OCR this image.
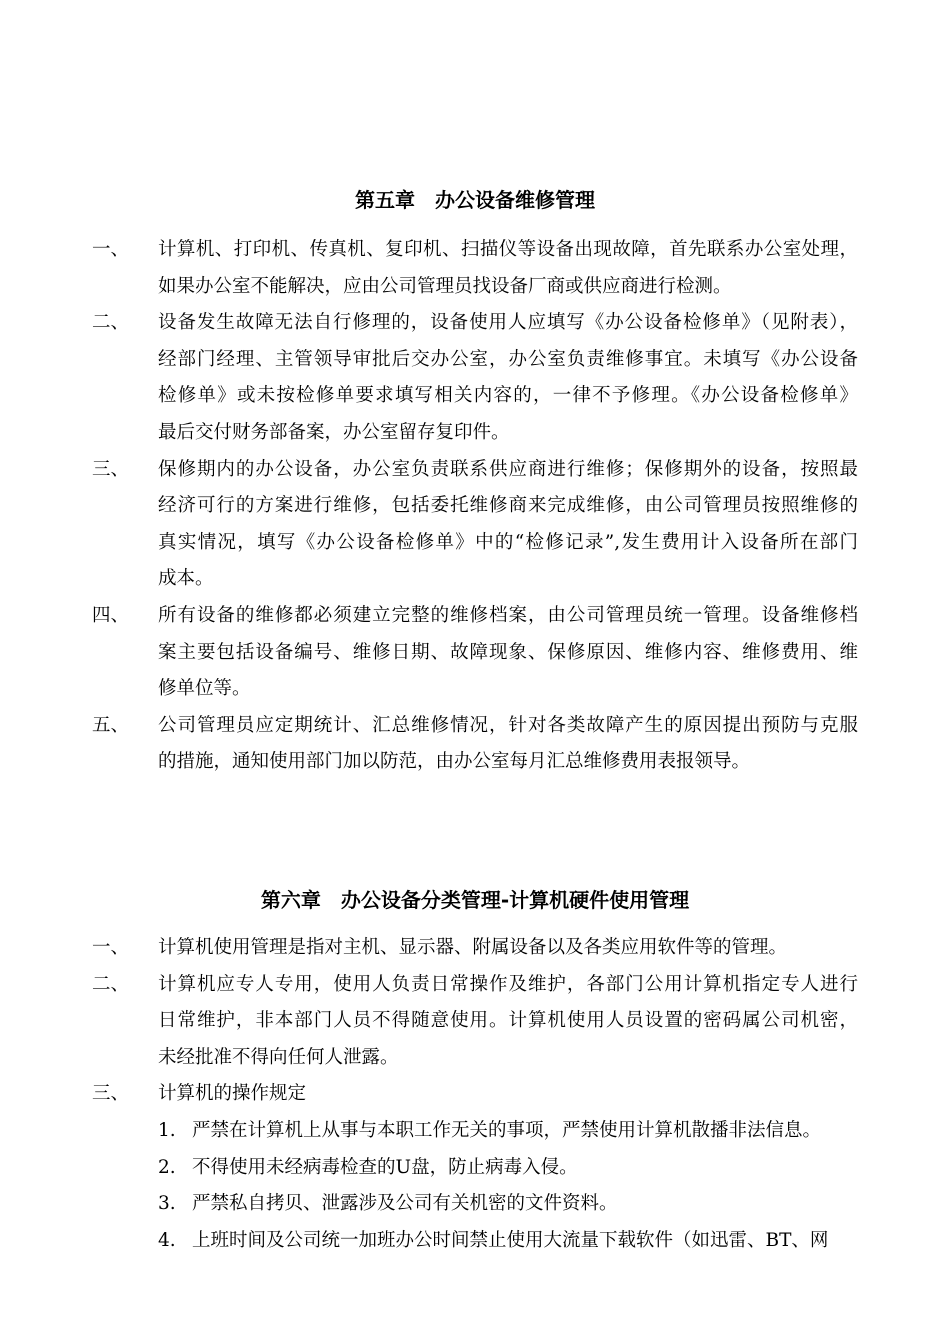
第五章　办公设备维修管理
一、	计算机、打印机、传真机、复印机、扫描仪等设备出现故障，首先联系办公室处理，
如果办公室不能解决，应由公司管理员找设备厂商或供应商进行检测。
二、	设备发生故障无法自行修理的，设备使用人应填写《办公设备检修单》（见附表），
经部门经理、主管领导审批后交办公室，办公室负责维修事宜。未填写《办公设备
检修单》或未按检修单要求填写相关内容的，一律不予修理。《办公设备检修单》
最后交付财务部备案，办公室留存复印件。
三、	保修期内的办公设备，办公室负责联系供应商进行维修；保修期外的设备，按照最
经济可行的方案进行维修，包括委托维修商来完成维修，由公司管理员按照维修的
真实情况，填写《办公设备检修单》中的“检修记录”,发生费用计入设备所在部门
成本。
四、	所有设备的维修都必须建立完整的维修档案，由公司管理员统一管理。设备维修档
案主要包括设备编号、维修日期、故障现象、保修原因、维修内容、维修费用、维
修单位等。
五、	公司管理员应定期统计、汇总维修情况，针对各类故障产生的原因提出预防与克服
的措施，通知使用部门加以防范，由办公室每月汇总维修费用表报领导。
第六章　办公设备分类管理-计算机硬件使用管理
一、	计算机使用管理是指对主机、显示器、附属设备以及各类应用软件等的管理。
二、	计算机应专人专用，使用人负责日常操作及维护，各部门公用计算机指定专人进行
日常维护，非本部门人员不得随意使用。计算机使用人员设置的密码属公司机密，
未经批准不得向任何人泄露。
三、	计算机的操作规定
1. 严禁在计算机上从事与本职工作无关的事项，严禁使用计算机散播非法信息。
2. 不得使用未经病毒检查的U盘，防止病毒入侵。
3. 严禁私自拷贝、泄露涉及公司有关机密的文件资料。
4. 上班时间及公司统一加班办公时间禁止使用大流量下载软件（如迅雷、BT、网
